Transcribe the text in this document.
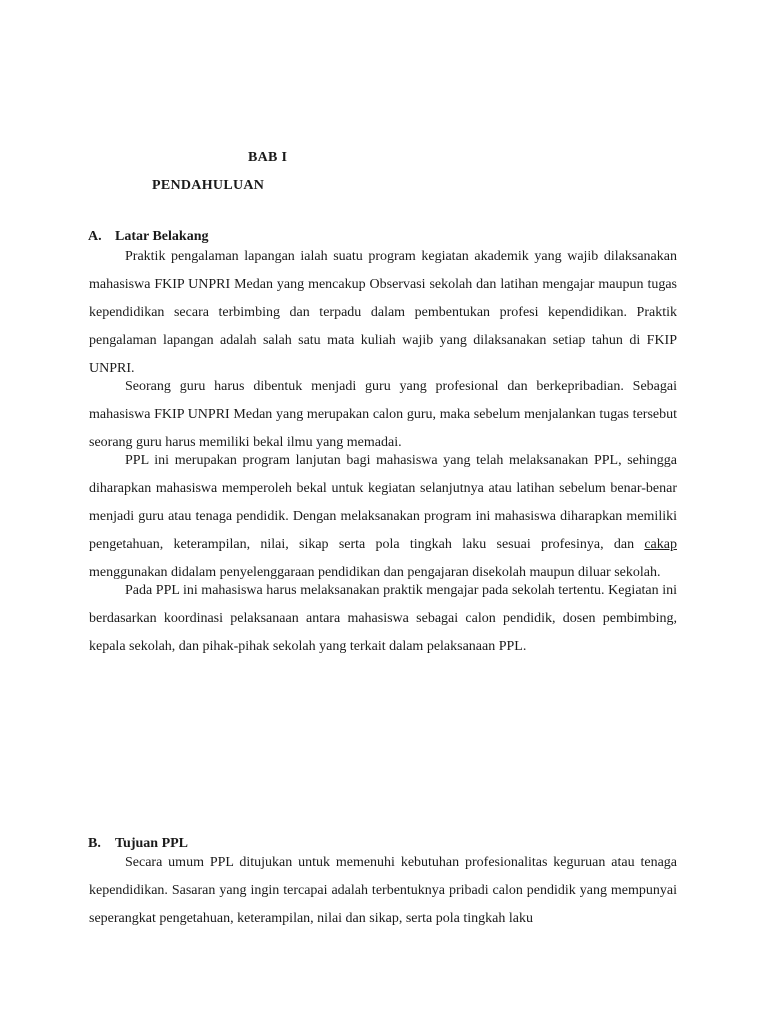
BAB I
PENDAHULUAN
A. Latar Belakang

Praktik pengalaman lapangan ialah suatu program kegiatan akademik yang wajib dilaksanakan mahasiswa FKIP UNPRI Medan yang mencakup Observasi sekolah dan latihan mengajar maupun tugas kependidikan secara terbimbing dan terpadu dalam pembentukan profesi kependidikan. Praktik pengalaman lapangan adalah salah satu mata kuliah wajib yang dilaksanakan setiap tahun di FKIP UNPRI.

Seorang guru harus dibentuk menjadi guru yang profesional dan berkepribadian. Sebagai mahasiswa FKIP UNPRI Medan yang merupakan calon guru, maka sebelum menjalankan tugas tersebut seorang guru harus memiliki bekal ilmu yang memadai.

PPL ini merupakan program lanjutan bagi mahasiswa yang telah melaksanakan PPL, sehingga diharapkan mahasiswa memperoleh bekal untuk kegiatan selanjutnya atau latihan sebelum benar-benar menjadi guru atau tenaga pendidik. Dengan melaksanakan program ini mahasiswa diharapkan memiliki pengetahuan, keterampilan, nilai, sikap serta pola tingkah laku sesuai profesinya, dan cakap menggunakan didalam penyelenggaraan pendidikan dan pengajaran disekolah maupun diluar sekolah.

Pada PPL ini mahasiswa harus melaksanakan praktik mengajar pada sekolah tertentu. Kegiatan ini berdasarkan koordinasi pelaksanaan antara mahasiswa sebagai calon pendidik, dosen pembimbing, kepala sekolah, dan pihak-pihak sekolah yang terkait dalam pelaksanaan PPL.

B. Tujuan PPL

Secara umum PPL ditujukan untuk memenuhi kebutuhan profesionalitas keguruan atau tenaga kependidikan. Sasaran yang ingin tercapai adalah terbentuknya pribadi calon pendidik yang mempunyai seperangkat pengetahuan, keterampilan, nilai dan sikap, serta pola tingkah laku
